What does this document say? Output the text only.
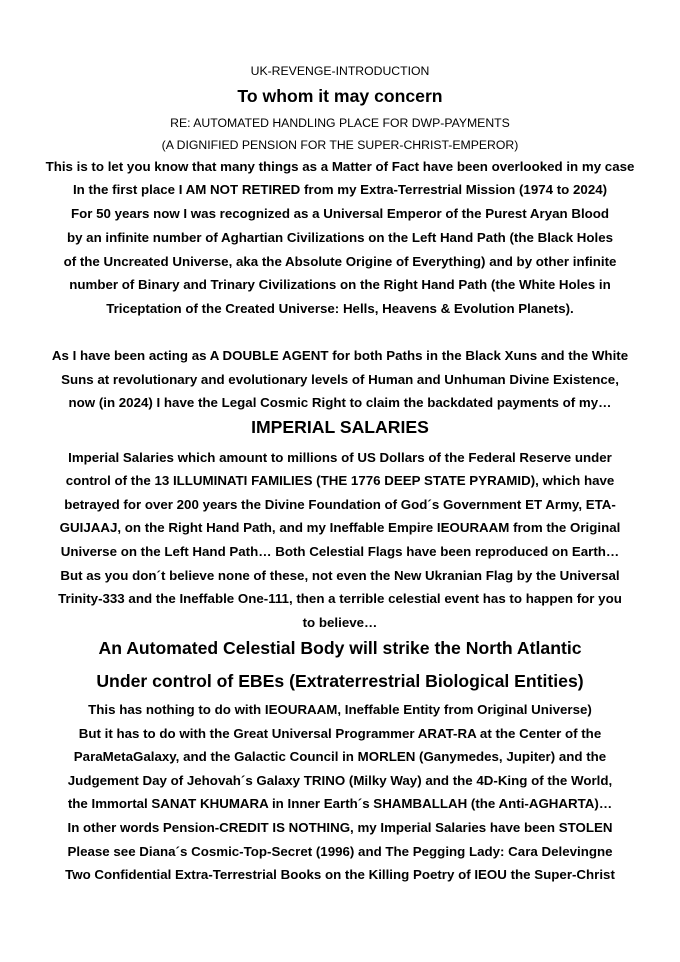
UK-REVENGE-INTRODUCTION
To whom it may concern
RE: AUTOMATED HANDLING PLACE FOR DWP-PAYMENTS
(A DIGNIFIED PENSION FOR THE SUPER-CHRIST-EMPEROR)
This is to let you know that many things as a Matter of Fact have been overlooked in my case
In the first place I AM NOT RETIRED from my Extra-Terrestrial Mission (1974 to 2024)
For 50 years now I was recognized as a Universal Emperor of the Purest Aryan Blood
by an infinite number of Aghartian Civilizations on the Left Hand Path (the Black Holes
of the Uncreated Universe, aka the Absolute Origine of Everything) and by other infinite
number of Binary and Trinary Civilizations on the Right Hand Path (the White Holes in
Triceptation of the Created Universe: Hells, Heavens & Evolution Planets).
As I have been acting as A DOUBLE AGENT for both Paths in the Black Xuns and the White
Suns at revolutionary and evolutionary levels of Human and Unhuman Divine Existence,
now (in 2024) I have the Legal Cosmic Right to claim the backdated payments of my…
IMPERIAL SALARIES
Imperial Salaries which amount to millions of US Dollars of the Federal Reserve under
control of the 13 ILLUMINATI FAMILIES (THE 1776 DEEP STATE PYRAMID), which have
betrayed for over 200 years the Divine Foundation of God´s Government ET Army, ETA-
GUIJAAJ, on the Right Hand Path, and my Ineffable Empire IEOURAAM from the Original
Universe on the Left Hand Path… Both Celestial Flags have been reproduced on Earth…
But as you don´t believe none of these, not even the New Ukranian Flag by the Universal
Trinity-333 and the Ineffable One-111, then a terrible celestial event has to happen for you
to believe…
An Automated Celestial Body will strike the North Atlantic
Under control of EBEs (Extraterrestrial Biological Entities)
This has nothing to do with IEOURAAM, Ineffable Entity from Original Universe)
But it has to do with the Great Universal Programmer ARAT-RA at the Center of the
ParaMetaGalaxy, and the Galactic Council in MORLEN (Ganymedes, Jupiter) and the
Judgement Day of Jehovah´s Galaxy TRINO (Milky Way) and the 4D-King of the World,
the Immortal SANAT KHUMARA in Inner Earth´s SHAMBALLAH (the Anti-AGHARTA)…
In other words Pension-CREDIT IS NOTHING, my Imperial Salaries have been STOLEN
Please see Diana´s Cosmic-Top-Secret (1996) and The Pegging Lady: Cara Delevingne
Two Confidential Extra-Terrestrial Books on the Killing Poetry of IEOU the Super-Christ
